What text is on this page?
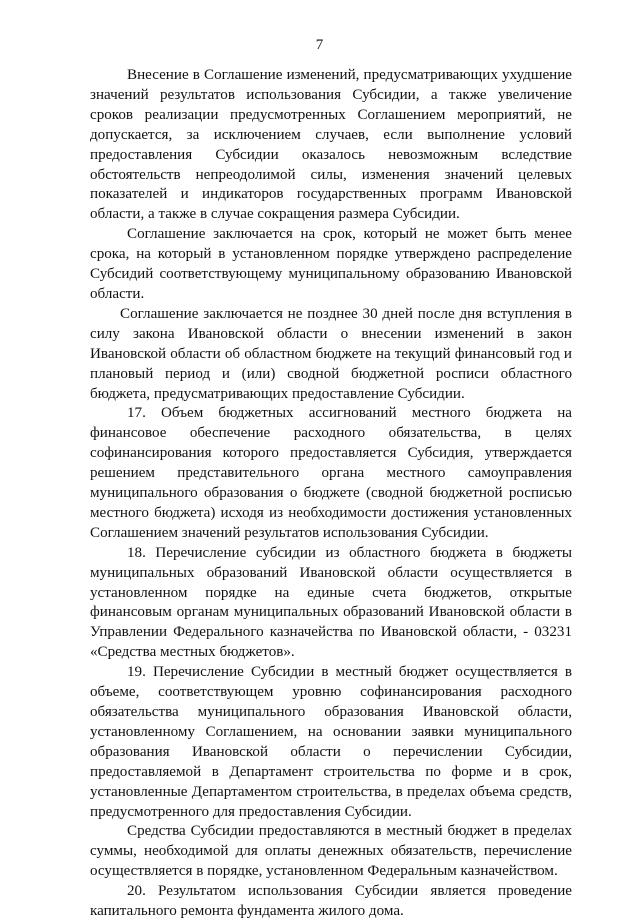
7

Внесение в Соглашение изменений, предусматривающих ухудшение значений результатов использования Субсидии, а также увеличение сроков реализации предусмотренных Соглашением мероприятий, не допускается, за исключением случаев, если выполнение условий предоставления Субсидии оказалось невозможным вследствие обстоятельств непреодолимой силы, изменения значений целевых показателей и индикаторов государственных программ Ивановской области, а также в случае сокращения размера Субсидии.

Соглашение заключается на срок, который не может быть менее срока, на который в установленном порядке утверждено распределение Субсидий соответствующему муниципальному образованию Ивановской области.

Соглашение заключается не позднее 30 дней после дня вступления в силу закона Ивановской области о внесении изменений в закон Ивановской области об областном бюджете на текущий финансовый год и плановый период и (или) сводной бюджетной росписи областного бюджета, предусматривающих предоставление Субсидии.

17. Объем бюджетных ассигнований местного бюджета на финансовое обеспечение расходного обязательства, в целях софинансирования которого предоставляется Субсидия, утверждается решением представительного органа местного самоуправления муниципального образования о бюджете (сводной бюджетной росписью местного бюджета) исходя из необходимости достижения установленных Соглашением значений результатов использования Субсидии.

18. Перечисление субсидии из областного бюджета в бюджеты муниципальных образований Ивановской области осуществляется в установленном порядке на единые счета бюджетов, открытые финансовым органам муниципальных образований Ивановской области в Управлении Федерального казначейства по Ивановской области, - 03231 «Средства местных бюджетов».

19. Перечисление Субсидии в местный бюджет осуществляется в объеме, соответствующем уровню софинансирования расходного обязательства муниципального образования Ивановской области, установленному Соглашением, на основании заявки муниципального образования Ивановской области о перечислении Субсидии, предоставляемой в Департамент строительства по форме и в срок, установленные Департаментом строительства, в пределах объема средств, предусмотренного для предоставления Субсидии.

Средства Субсидии предоставляются в местный бюджет в пределах суммы, необходимой для оплаты денежных обязательств, перечисление осуществляется в порядке, установленном Федеральным казначейством.

20. Результатом использования Субсидии является проведение капитального ремонта фундамента жилого дома.
